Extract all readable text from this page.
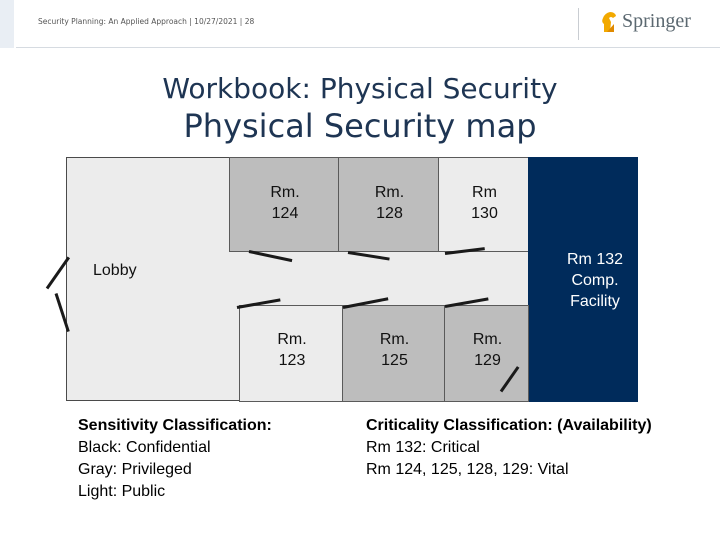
Security Planning: An Applied Approach | 10/27/2021 | 28	Springer
Workbook: Physical Security
Physical Security map
Rm.
124
Rm.
128
Rm
130
Rm 132
Comp.
Facility
Rm.
123
Rm.
125
Rm.
129
Lobby
Sensitivity Classification:
Black: Confidential
Gray: Privileged
Light: Public
Criticality Classification: (Availability)
Rm 132: Critical
Rm 124, 125, 128, 129: Vital
